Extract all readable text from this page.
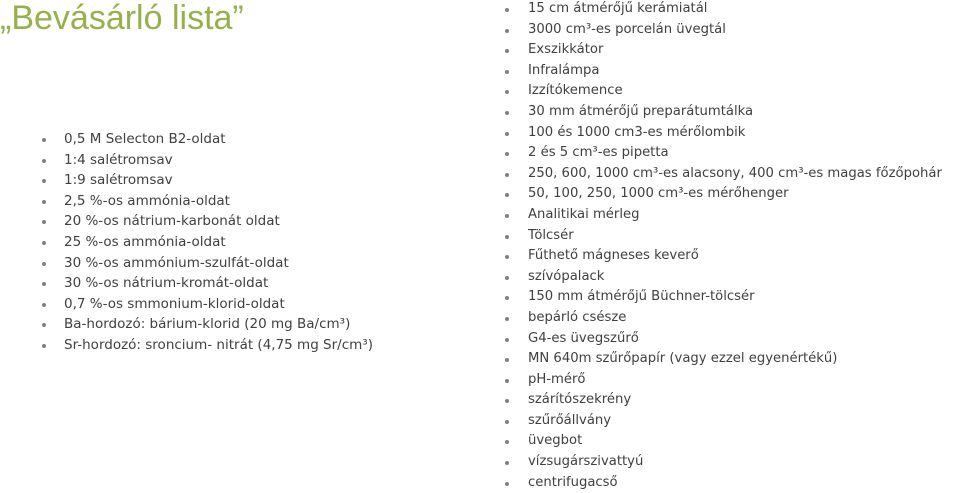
„Bevásárló lista”
0,5 M Selecton B2-oldat
1:4 salétromsav
1:9 salétromsav
2,5 %-os ammónia-oldat
20 %-os nátrium-karbonát oldat
25 %-os ammónia-oldat
30 %-os ammónium-szulfát-oldat
30 %-os nátrium-kromát-oldat
0,7 %-os smmonium-klorid-oldat
Ba-hordozó: bárium-klorid (20 mg Ba/cm³)
Sr-hordozó: sroncium- nitrát (4,75 mg Sr/cm³)
15 cm átmérőjű kerámiatál
3000 cm³-es porcelán üvegtál
Exszikkátor
Infralámpa
Izzítókemence
30 mm átmérőjű preparátumtálka
100 és 1000 cm3-es mérőlombik
2 és 5 cm³-es pipetta
250, 600, 1000 cm³-es alacsony, 400 cm³-es magas főzőpohár
50, 100, 250, 1000 cm³-es mérőhenger
Analitikai mérleg
Tölcsér
Fűthető mágneses keverő
szívópalack
150 mm átmérőjű Büchner-tölcsér
bepárló csésze
G4-es üvegszűrő
MN 640m szűrőpapír (vagy ezzel egyenértékű)
pH-mérő
szárítószekrény
szűrőállvány
üvegbot
vízsugárszivattyú
centrifugacső
